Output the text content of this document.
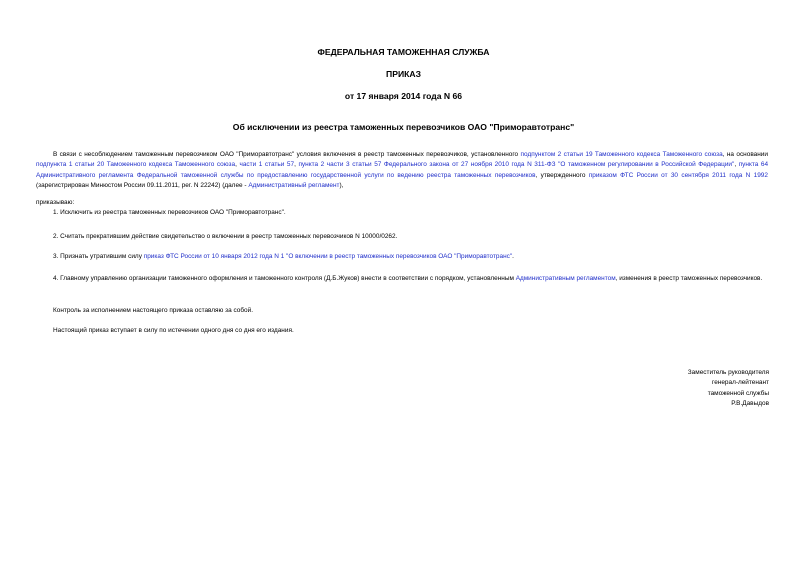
ФЕДЕРАЛЬНАЯ ТАМОЖЕННАЯ СЛУЖБА
ПРИКАЗ
от 17 января 2014 года N 66
Об исключении из реестра таможенных перевозчиков ОАО "Приморавтотранс"

В связи с несоблюдением таможенным перевозчиком ОАО "Приморавтотранс" условия включения в реестр таможенных перевозчиков, установленного подпунктом 2 статьи 19 Таможенного кодекса Таможенного союза, на основании подпункта 1 статьи 20 Таможенного кодекса Таможенного союза, части 1 статьи 57, пункта 2 части 3 статьи 57 Федерального закона от 27 ноября 2010 года N 311-ФЗ "О таможенном регулировании в Российской Федерации", пункта 64 Административного регламента Федеральной таможенной службы по предоставлению государственной услуги по ведению реестра таможенных перевозчиков, утвержденного приказом ФТС России от 30 сентября 2011 года N 1992 (зарегистрирован Минюстом России 09.11.2011, рег. N 22242) (далее - Административный регламент),

приказываю:

1. Исключить из реестра таможенных перевозчиков ОАО "Приморавтотранс".

2. Считать прекратившим действие свидетельство о включении в реестр таможенных перевозчиков N 10000/0262.

3. Признать утратившим силу приказ ФТС России от 10 января 2012 года N 1 "О включении в реестр таможенных перевозчиков ОАО "Приморавтотранс".

4. Главному управлению организации таможенного оформления и таможенного контроля (Д.Б.Жуков) внести в соответствии с порядком, установленным Административным регламентом, изменения в реестр таможенных перевозчиков.

Контроль за исполнением настоящего приказа оставляю за собой.

Настоящий приказ вступает в силу по истечении одного дня со дня его издания.

Заместитель руководителя
генерал-лейтенант
таможенной службы
Р.В.Давыдов
